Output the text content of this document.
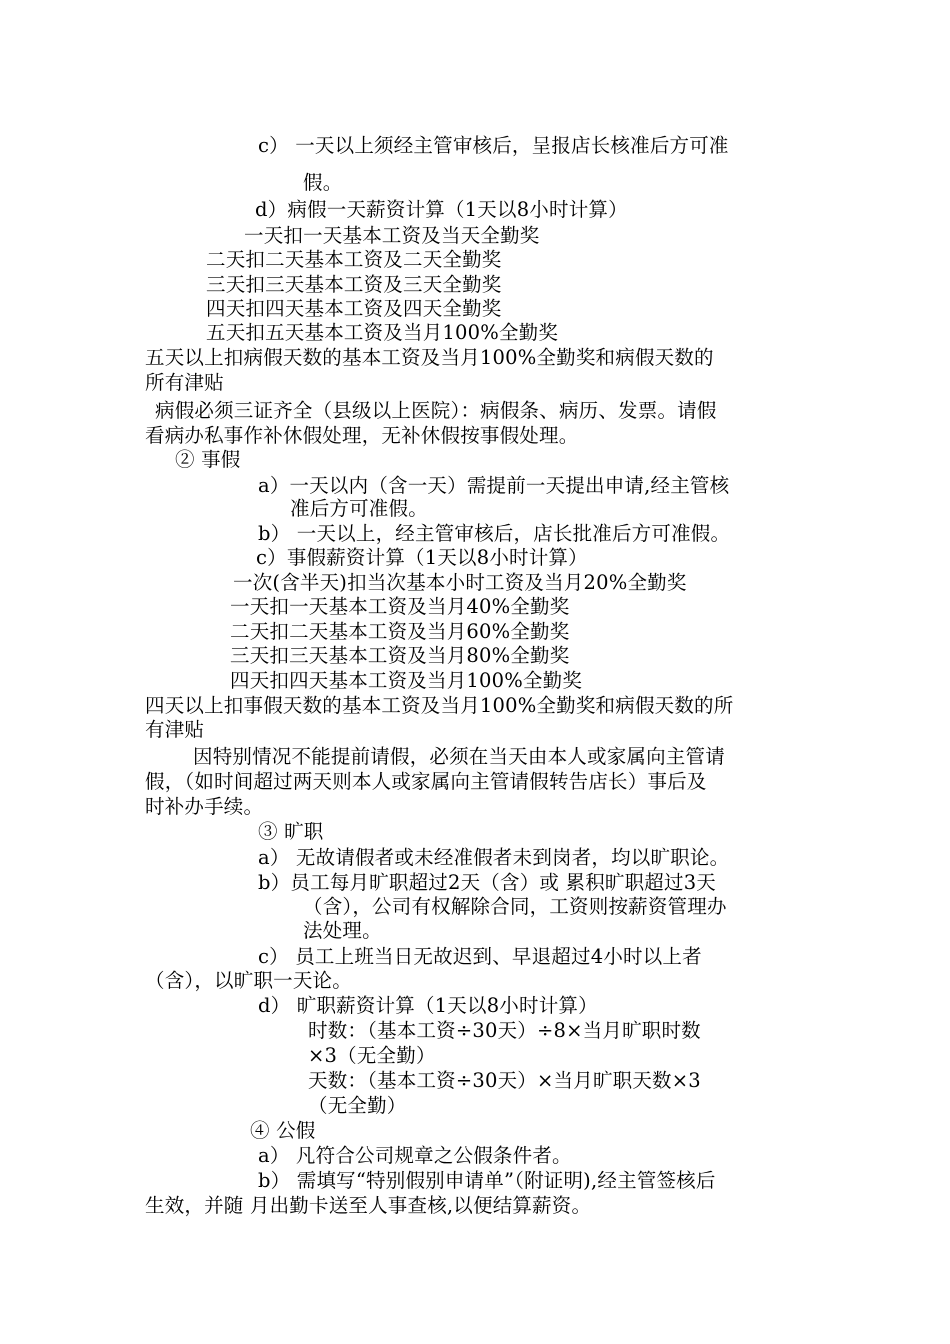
c） 一天以上须经主管审核后，呈报店长核准后方可准
假。
d）病假一天薪资计算（1天以8小时计算）
一天扣一天基本工资及当天全勤奖
二天扣二天基本工资及二天全勤奖
三天扣三天基本工资及三天全勤奖
四天扣四天基本工资及四天全勤奖
五天扣五天基本工资及当月100%全勤奖
五天以上扣病假天数的基本工资及当月100%全勤奖和病假天数的
所有津贴
病假必须三证齐全（县级以上医院）：病假条、病历、发票。请假
看病办私事作补休假处理，无补休假按事假处理。
② 事假
a）一天以内（含一天）需提前一天提出申请,经主管核
准后方可准假。
b） 一天以上，经主管审核后，店长批准后方可准假。
c）事假薪资计算（1天以8小时计算）
一次(含半天)扣当次基本小时工资及当月20%全勤奖
一天扣一天基本工资及当月40%全勤奖
二天扣二天基本工资及当月60%全勤奖
三天扣三天基本工资及当月80%全勤奖
四天扣四天基本工资及当月100%全勤奖
四天以上扣事假天数的基本工资及当月100%全勤奖和病假天数的所
有津贴
因特别情况不能提前请假，必须在当天由本人或家属向主管请
假，（如时间超过两天则本人或家属向主管请假转告店长）事后及
时补办手续。
③ 旷职
a） 无故请假者或未经准假者未到岗者，均以旷职论。
b）员工每月旷职超过2天（含）或 累积旷职超过3天
（含），公司有权解除合同，工资则按薪资管理办
法处理。
c） 员工上班当日无故迟到、早退超过4小时以上者
（含），以旷职一天论。
d） 旷职薪资计算（1天以8小时计算）
时数：（基本工资÷30天）÷8×当月旷职时数
×3（无全勤）
天数：（基本工资÷30天）×当月旷职天数×3
（无全勤）
④ 公假
a） 凡符合公司规章之公假条件者。
b） 需填写“特别假别申请单”（附证明),经主管签核后
生效，并随 月出勤卡送至人事查核,以便结算薪资。
